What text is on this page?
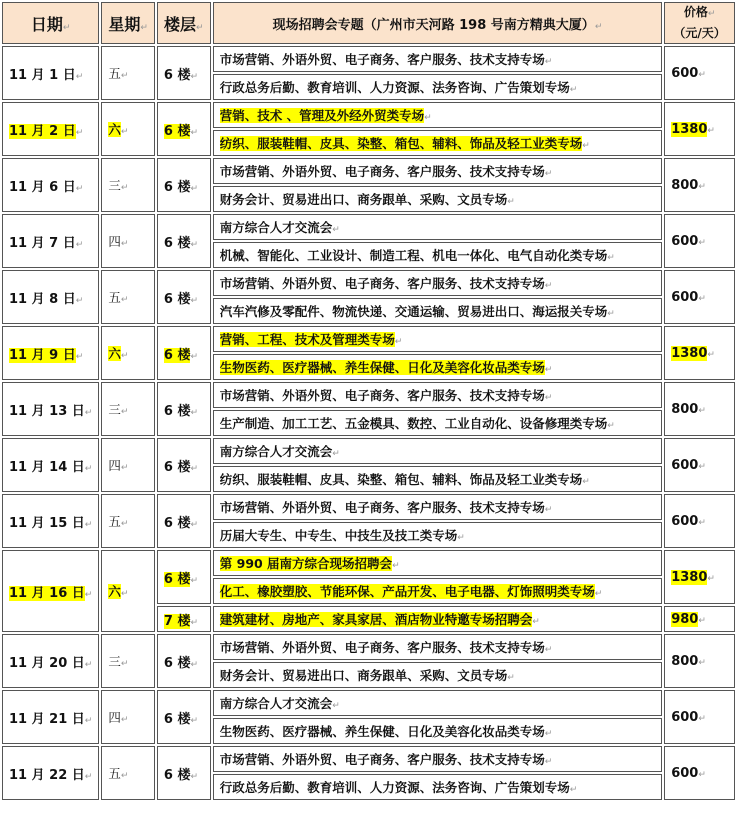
日期↵	星期↵	楼层↵	现场招聘会专题（广州市天河路 198 号南方精典大厦）↵	价格↵
（元/天）
11 月 1 日↵	五↵	6 楼↵	市场营销、外语外贸、电子商务、客户服务、技术支持专场↵	600↵
			行政总务后勤、教育培训、人力资源、法务咨询、广告策划专场↵	
11 月 2 日↵	六↵	6 楼↵	营销、技术 、管理及外经外贸类专场↵	1380↵
			纺织、服装鞋帽、皮具、染整、箱包、辅料、饰品及轻工业类专场↵	
11 月 6 日↵	三↵	6 楼↵	市场营销、外语外贸、电子商务、客户服务、技术支持专场↵	800↵
			财务会计、贸易进出口、商务跟单、采购、文员专场↵	
11 月 7 日↵	四↵	6 楼↵	南方综合人才交流会↵	600↵
			机械、智能化、工业设计、制造工程、机电一体化、电气自动化类专场↵	
11 月 8 日↵	五↵	6 楼↵	市场营销、外语外贸、电子商务、客户服务、技术支持专场↵	600↵
			汽车汽修及零配件、物流快递、交通运输、贸易进出口、海运报关专场↵	
11 月 9 日↵	六↵	6 楼↵	营销、工程、技术及管理类专场↵	1380↵
			生物医药、医疗器械、养生保健、日化及美容化妆品类专场↵	
11 月 13 日↵	三↵	6 楼↵	市场营销、外语外贸、电子商务、客户服务、技术支持专场↵	800↵
			生产制造、加工工艺、五金模具、数控、工业自动化、设备修理类专场↵	
11 月 14 日↵	四↵	6 楼↵	南方综合人才交流会↵	600↵
			纺织、服装鞋帽、皮具、染整、箱包、辅料、饰品及轻工业类专场↵	
11 月 15 日↵	五↵	6 楼↵	市场营销、外语外贸、电子商务、客户服务、技术支持专场↵	600↵
			历届大专生、中专生、中技生及技工类专场↵	
11 月 16 日↵	六↵	6 楼↵	第 990 届南方综合现场招聘会↵	1380↵
			化工、橡胶塑胶、节能环保、产品开发、电子电器、灯饰照明类专场↵	
		7 楼↵	建筑建材、房地产、家具家居、酒店物业特邀专场招聘会↵	980↵
11 月 20 日↵	三↵	6 楼↵	市场营销、外语外贸、电子商务、客户服务、技术支持专场↵	800↵
			财务会计、贸易进出口、商务跟单、采购、文员专场↵	
11 月 21 日↵	四↵	6 楼↵	南方综合人才交流会↵	600↵
			生物医药、医疗器械、养生保健、日化及美容化妆品类专场↵	
11 月 22 日↵	五↵	6 楼↵	市场营销、外语外贸、电子商务、客户服务、技术支持专场↵	600↵
			行政总务后勤、教育培训、人力资源、法务咨询、广告策划专场↵	
